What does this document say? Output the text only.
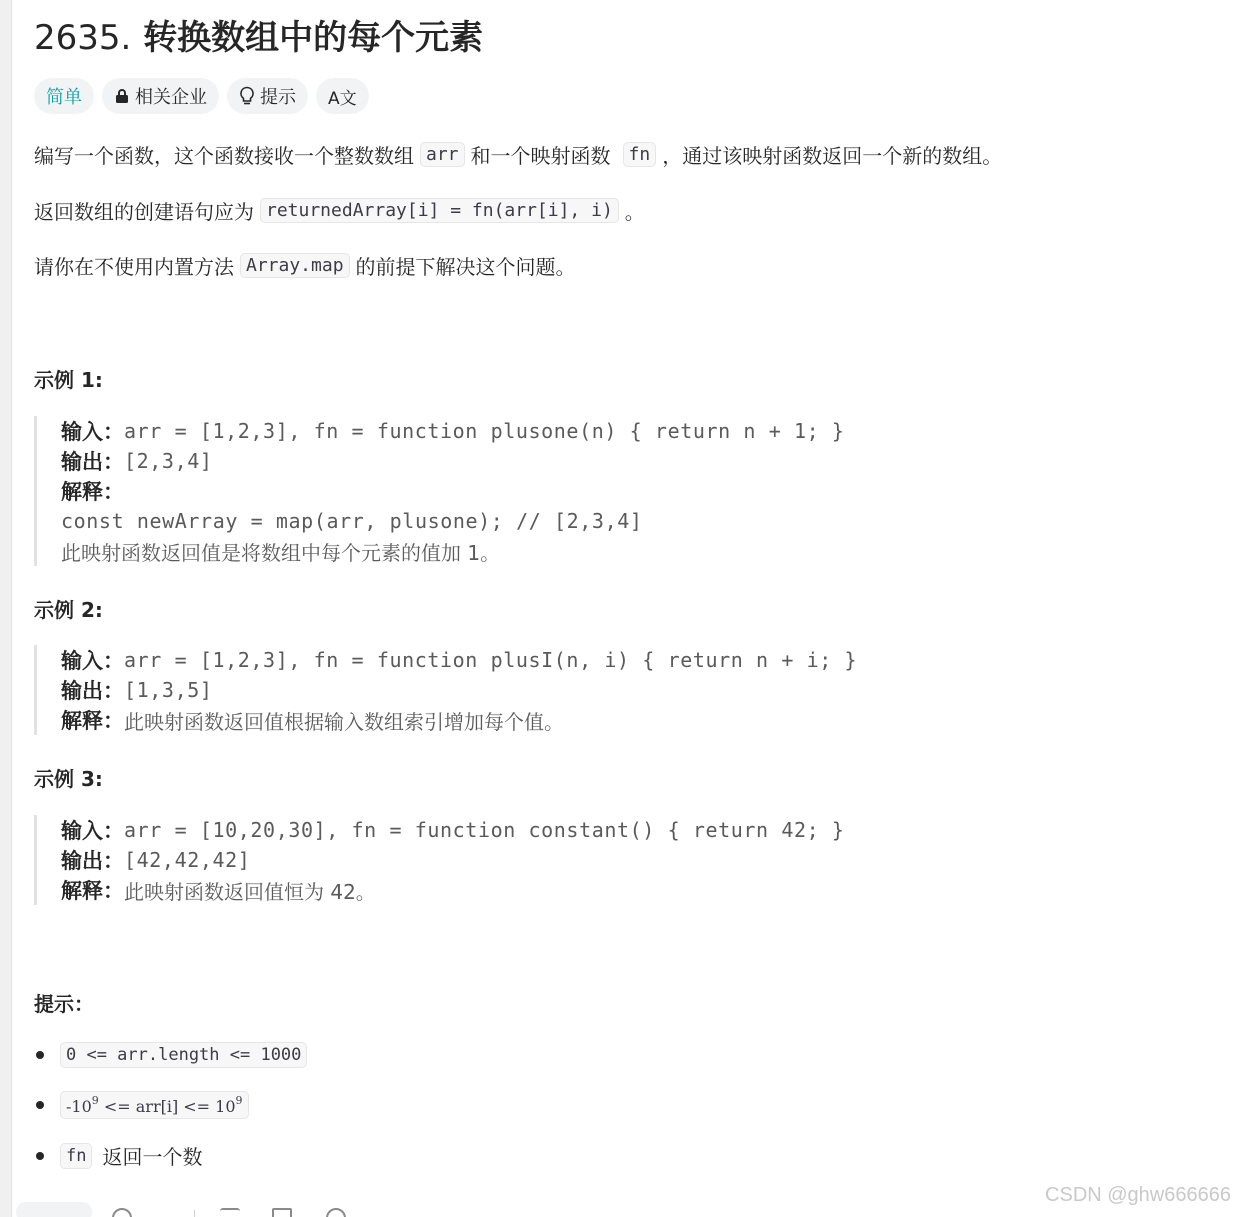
2635. 转换数组中的每个元素
简单	相关企业	提示 A文
编写一个函数，这个函数接收一个整数数组 arr 和一个映射函数	fn ，通过该映射函数返回一个新的数组。
返回数组的创建语句应为 returnedArray[i] = fn(arr[i], i) 。
请你在不使用内置方法 Array.map 的前提下解决这个问题。
示例 1:
输入： arr = [1,2,3], fn = function plusone(n) { return n + 1; }
输出： [2,3,4]
解释：
const newArray = map(arr, plusone); // [2,3,4]
此映射函数返回值是将数组中每个元素的值加 1。
示例 2:
输入： arr = [1,2,3], fn = function plusI(n, i) { return n + i; }
输出： [1,3,5]
解释： 此映射函数返回值根据输入数组索引增加每个值。
示例 3:
输入： arr = [10,20,30], fn = function constant() { return 42; }
输出： [42,42,42]
解释： 此映射函数返回值恒为 42。
提示：
0 <= arr.length <= 1000
$-10^9 <= arr[i] <= 10^9$
fn 返回一个数
CSDN @ghw666666
